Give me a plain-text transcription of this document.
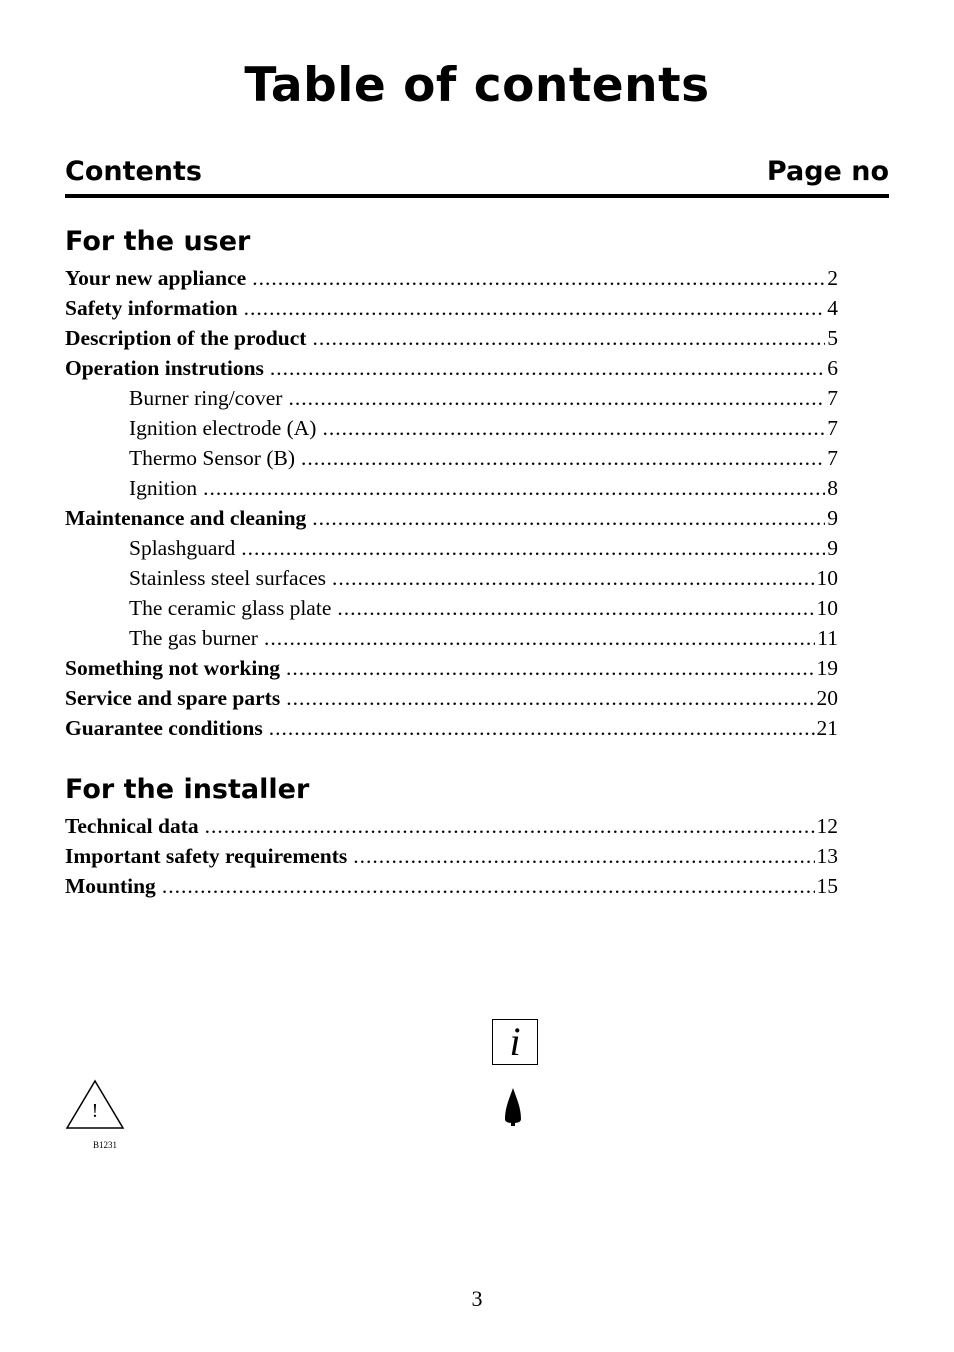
Table of contents
Contents	Page no
For the user
Your new appliance .....	2
Safety information .....	4
Description of the product .....	5
Operation instrutions .....	6
Burner ring/cover .....	7
Ignition electrode (A) .....	7
Thermo Sensor (B) .....	7
Ignition .....	8
Maintenance and cleaning .....	9
Splashguard .....	9
Stainless steel surfaces .....	10
The ceramic glass plate .....	10
The gas burner .....	11
Something not working .....	19
Service and spare parts .....	20
Guarantee conditions .....	21
For the installer
Technical data .....	12
Important safety requirements .....	13
Mounting .....	15
i
!
B1231
3
